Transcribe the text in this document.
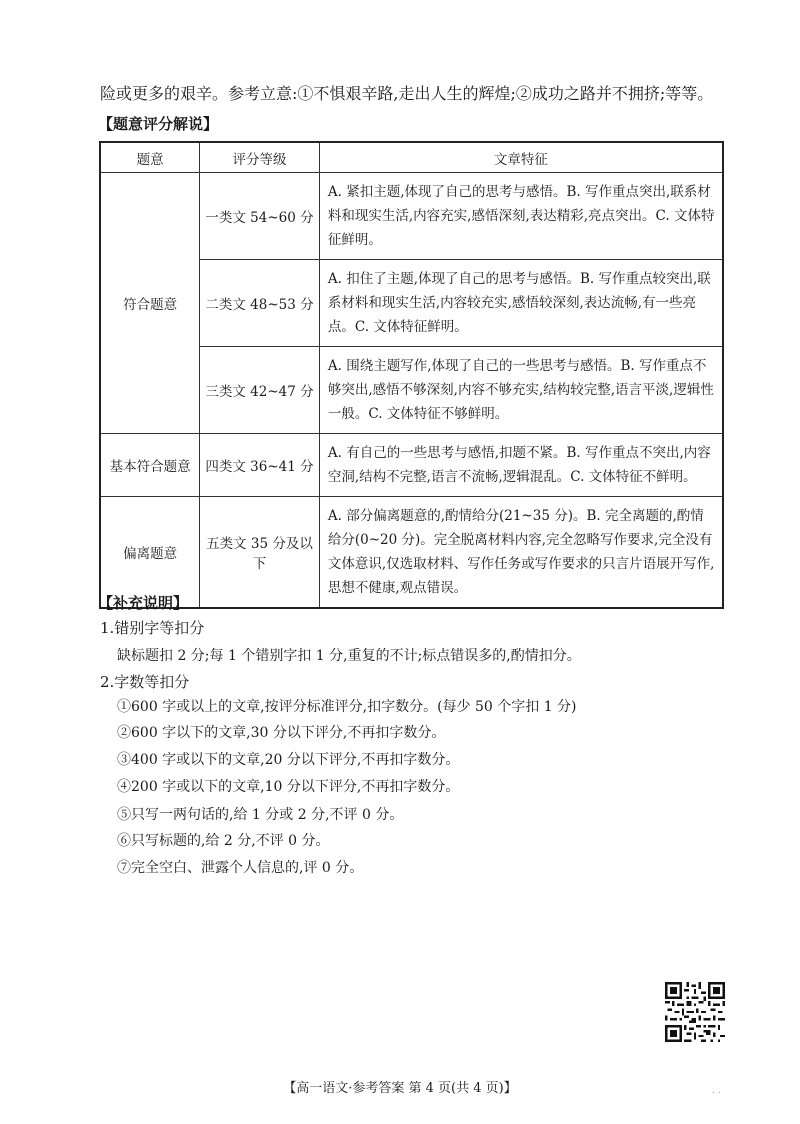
险或更多的艰辛。参考立意:①不惧艰辛路,走出人生的辉煌;②成功之路并不拥挤;等等。
【题意评分解说】
题意	评分等级	文章特征
符合题意	一类文 54~60 分	A. 紧扣主题,体现了自己的思考与感悟。B. 写作重点突出,联系材料和现实生活,内容充实,感悟深刻,表达精彩,亮点突出。C. 文体特征鲜明。
	二类文 48~53 分	A. 扣住了主题,体现了自己的思考与感悟。B. 写作重点较突出,联系材料和现实生活,内容较充实,感悟较深刻,表达流畅,有一些亮点。C. 文体特征鲜明。
	三类文 42~47 分	A. 围绕主题写作,体现了自己的一些思考与感悟。B. 写作重点不够突出,感悟不够深刻,内容不够充实,结构较完整,语言平淡,逻辑性一般。C. 文体特征不够鲜明。
基本符合题意	四类文 36~41 分	A. 有自己的一些思考与感悟,扣题不紧。B. 写作重点不突出,内容空洞,结构不完整,语言不流畅,逻辑混乱。C. 文体特征不鲜明。
偏离题意	五类文 35 分及以下	A. 部分偏离题意的,酌情给分(21~35 分)。B. 完全离题的,酌情给分(0~20 分)。完全脱离材料内容,完全忽略写作要求,完全没有文体意识,仅选取材料、写作任务或写作要求的只言片语展开写作,思想不健康,观点错误。
【补充说明】
1.错别字等扣分
缺标题扣 2 分;每 1 个错别字扣 1 分,重复的不计;标点错误多的,酌情扣分。
2.字数等扣分
①600 字或以上的文章,按评分标准评分,扣字数分。(每少 50 个字扣 1 分)
②600 字以下的文章,30 分以下评分,不再扣字数分。
③400 字或以下的文章,20 分以下评分,不再扣字数分。
④200 字或以下的文章,10 分以下评分,不再扣字数分。
⑤只写一两句话的,给 1 分或 2 分,不评 0 分。
⑥只写标题的,给 2 分,不评 0 分。
⑦完全空白、泄露个人信息的,评 0 分。
【高一语文·参考答案 第 4 页(共 4 页)】	. .
